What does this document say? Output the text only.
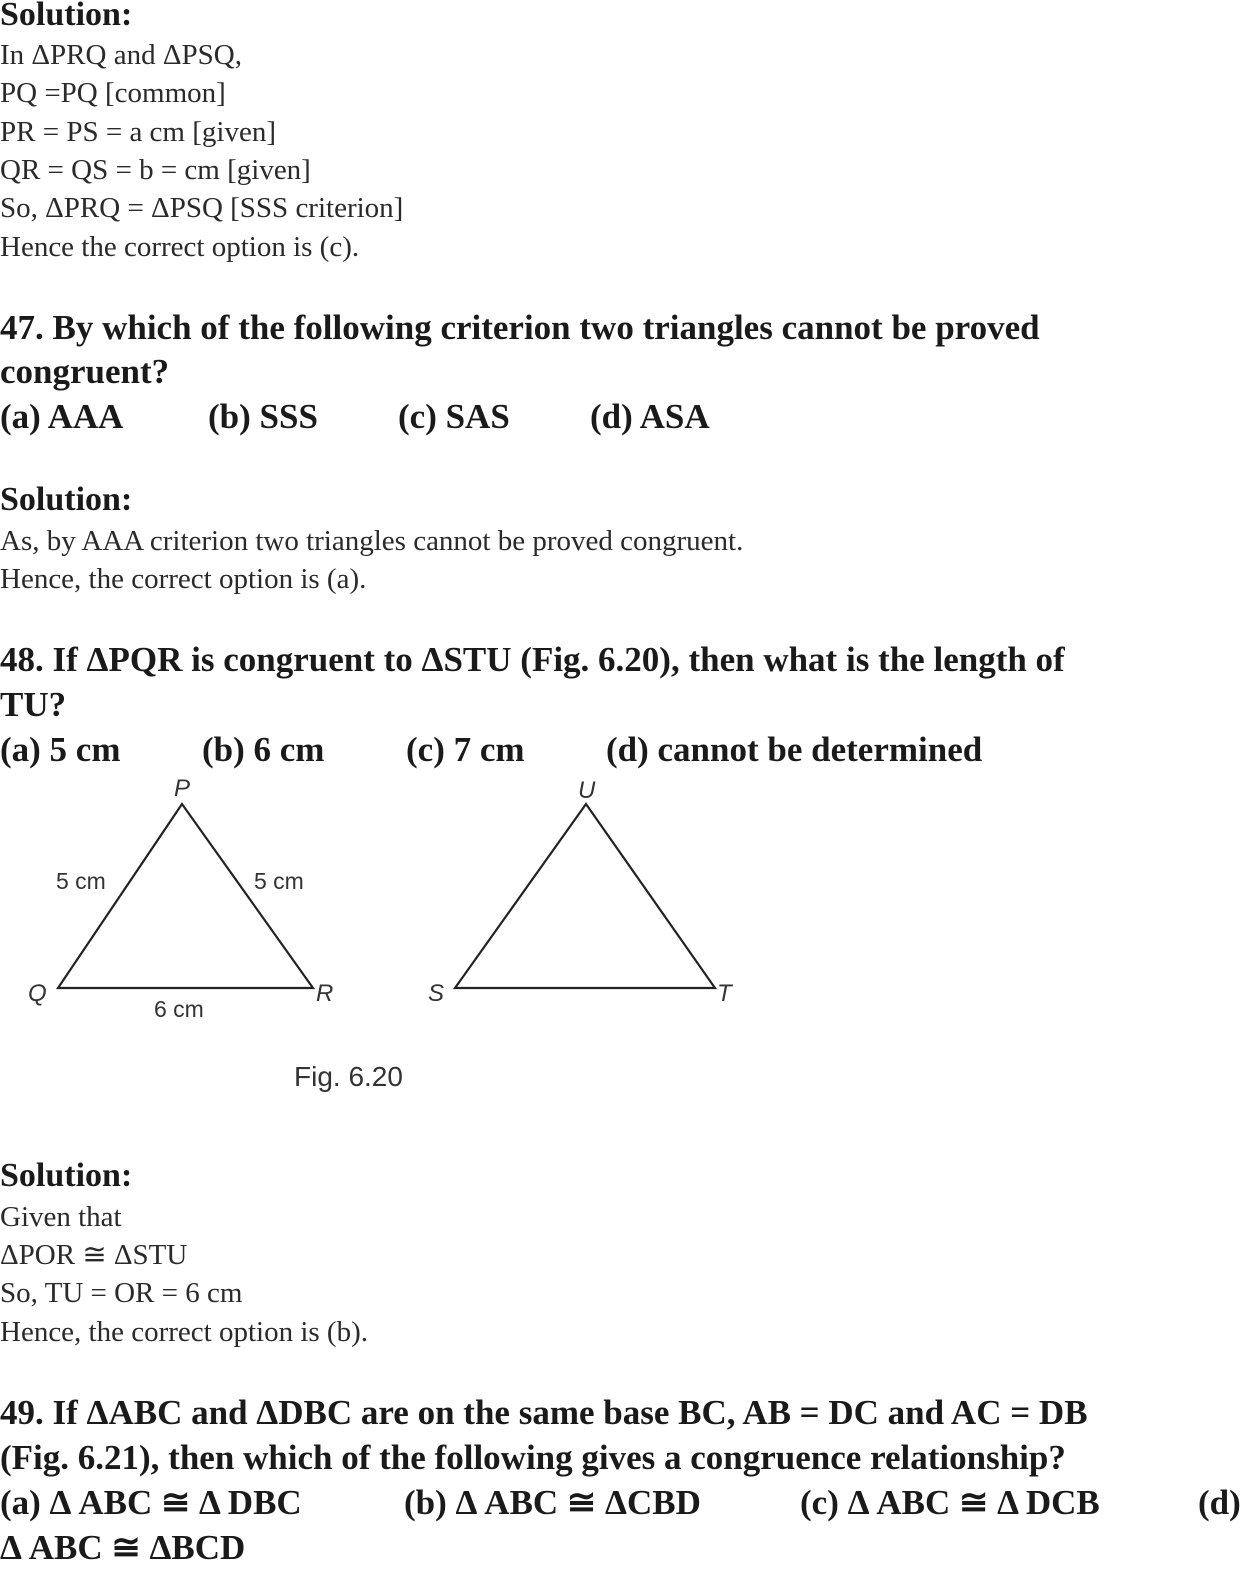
Solution:
In ΔPRQ and ΔPSQ,
PQ =PQ [common]
PR = PS = a cm [given]
QR = QS = b = cm [given]
So, ΔPRQ = ΔPSQ [SSS criterion]
Hence the correct option is (c).
47. By which of the following criterion two triangles cannot be proved
congruent?
(a) AAA (b) SSS (c) SAS (d) ASA
Solution:
As, by AAA criterion two triangles cannot be proved congruent.
Hence, the correct option is (a).
48. If ΔPQR is congruent to ΔSTU (Fig. 6.20), then what is the length of
TU?
(a) 5 cm (b) 6 cm (c) 7 cm (d) cannot be determined
P
Q	R
5 cm	5 cm
6 cm
U
S	T
Fig. 6.20
Solution:
Given that
ΔPOR ≅ ΔSTU
So, TU = OR = 6 cm
Hence, the correct option is (b).
49. If ΔABC and ΔDBC are on the same base BC, AB = DC and AC = DB
(Fig. 6.21), then which of the following gives a congruence relationship?
(a) Δ ABC ≅ Δ DBC	(b) Δ ABC ≅ ΔCBD	(c) Δ ABC ≅ Δ DCB	(d)
Δ ABC ≅ ΔBCD
